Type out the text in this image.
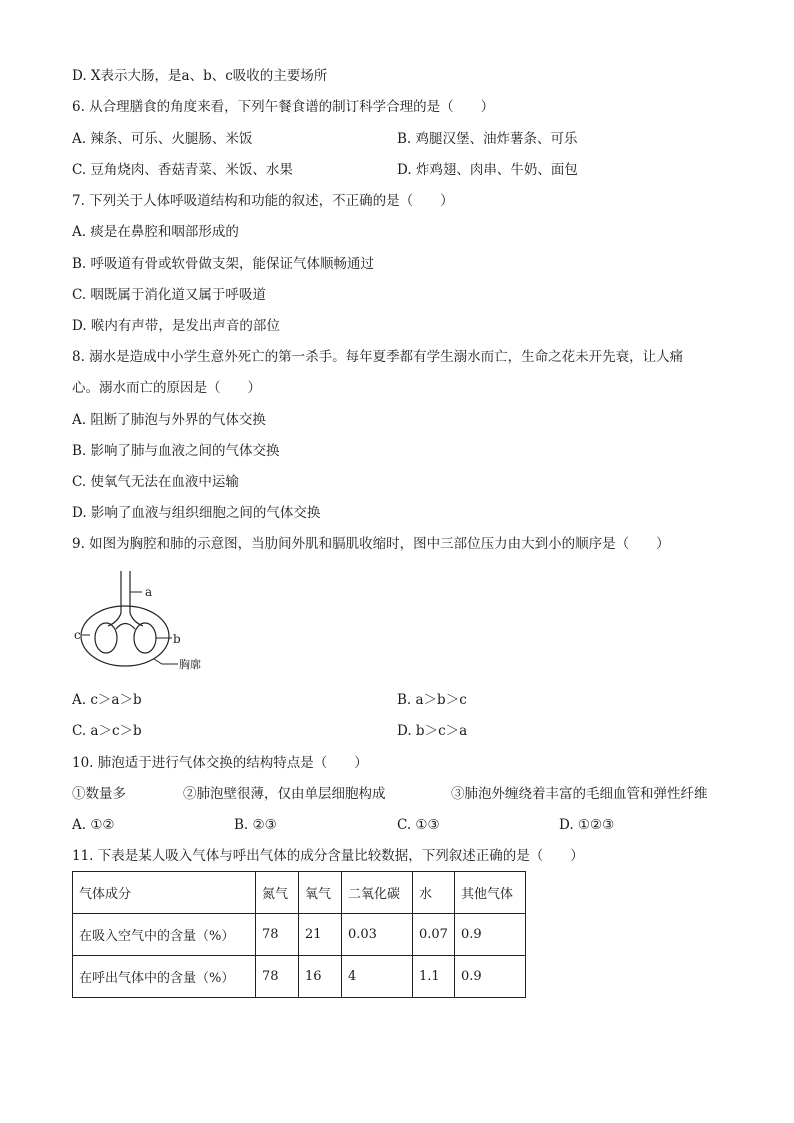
D. X表示大肠，是a、b、c吸收的主要场所
6. 从合理膳食的角度来看，下列午餐食谱的制订科学合理的是（　　）
A. 辣条、可乐、火腿肠、米饭	B. 鸡腿汉堡、油炸薯条、可乐
C. 豆角烧肉、香菇青菜、米饭、水果	D. 炸鸡翅、肉串、牛奶、面包
7. 下列关于人体呼吸道结构和功能的叙述，不正确的是（　　）
A. 痰是在鼻腔和咽部形成的
B. 呼吸道有骨或软骨做支架，能保证气体顺畅通过
C. 咽既属于消化道又属于呼吸道
D. 喉内有声带，是发出声音的部位
8. 溺水是造成中小学生意外死亡的第一杀手。每年夏季都有学生溺水而亡，生命之花未开先衰，让人痛
心。溺水而亡的原因是（　　）
A. 阻断了肺泡与外界的气体交换
B. 影响了肺与血液之间的气体交换
C. 使氧气无法在血液中运输
D. 影响了血液与组织细胞之间的气体交换
9. 如图为胸腔和肺的示意图，当肋间外肌和膈肌收缩时，图中三部位压力由大到小的顺序是（　　）
a
b
c
胸廓
A. c＞a＞b	B. a＞b＞c
C. a＞c＞b	D. b＞c＞a
10. 肺泡适于进行气体交换的结构特点是（　　）
①数量多	②肺泡壁很薄，仅由单层细胞构成	③肺泡外缠绕着丰富的毛细血管和弹性纤维
A. ①②	B. ②③	C. ①③	D. ①②③
11. 下表是某人吸入气体与呼出气体的成分含量比较数据，下列叙述正确的是（　　）
气体成分	氮气	氧气	二氧化碳	水	其他气体
在吸入空气中的含量（%）	78	21	0.03	0.07	0.9
在呼出气体中的含量（%）	78	16	4	1.1	0.9
